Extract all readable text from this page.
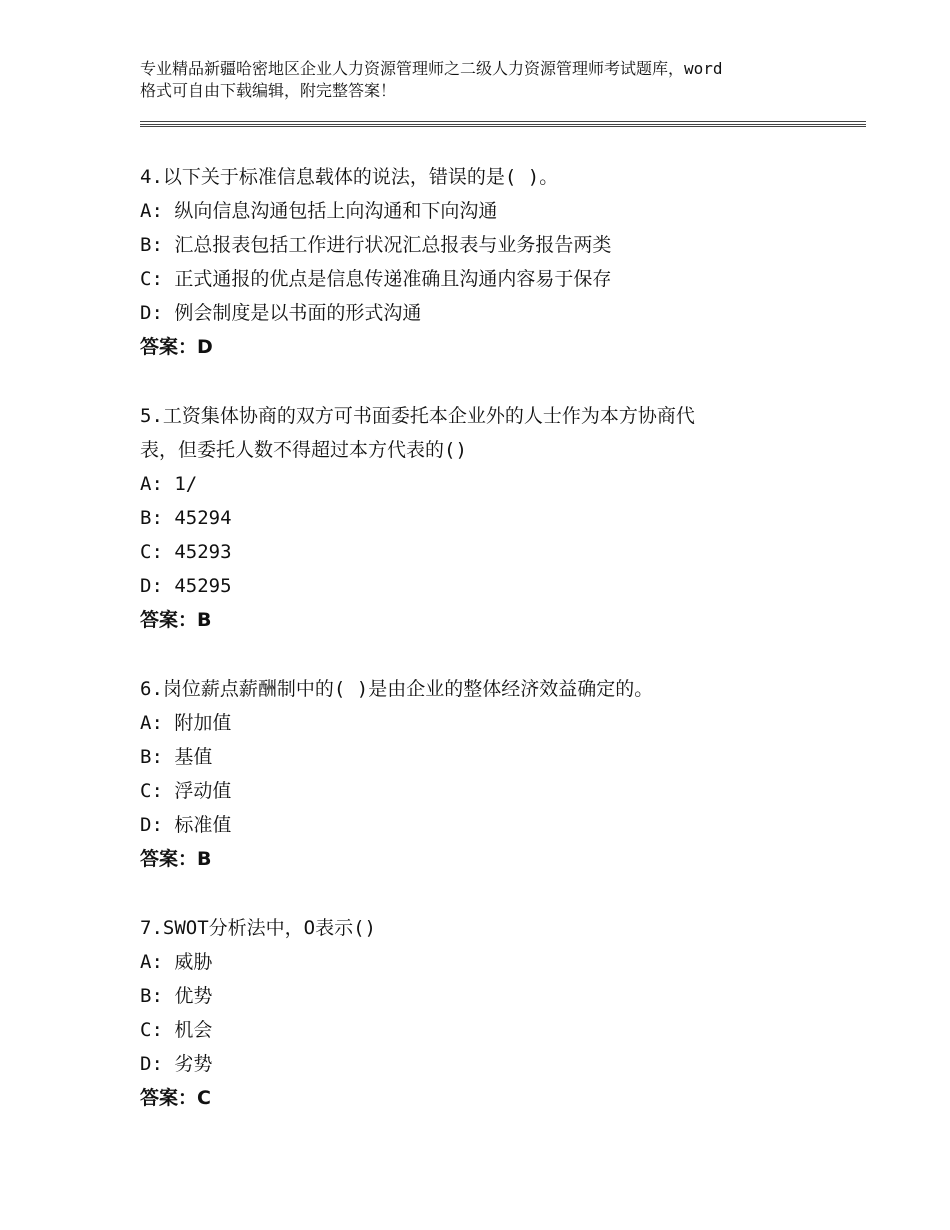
专业精品新疆哈密地区企业人力资源管理师之二级人力资源管理师考试题库，word
格式可自由下载编辑，附完整答案！
4.以下关于标准信息载体的说法，错误的是( )。
A: 纵向信息沟通包括上向沟通和下向沟通
B: 汇总报表包括工作进行状况汇总报表与业务报告两类
C: 正式通报的优点是信息传递准确且沟通内容易于保存
D: 例会制度是以书面的形式沟通
答案：D
5.工资集体协商的双方可书面委托本企业外的人士作为本方协商代
表，但委托人数不得超过本方代表的()
A: 1/
B: 45294
C: 45293
D: 45295
答案：B
6.岗位薪点薪酬制中的( )是由企业的整体经济效益确定的。
A: 附加值
B: 基值
C: 浮动值
D: 标准值
答案：B
7.SWOT分析法中，O表示()
A: 威胁
B: 优势
C: 机会
D: 劣势
答案：C
